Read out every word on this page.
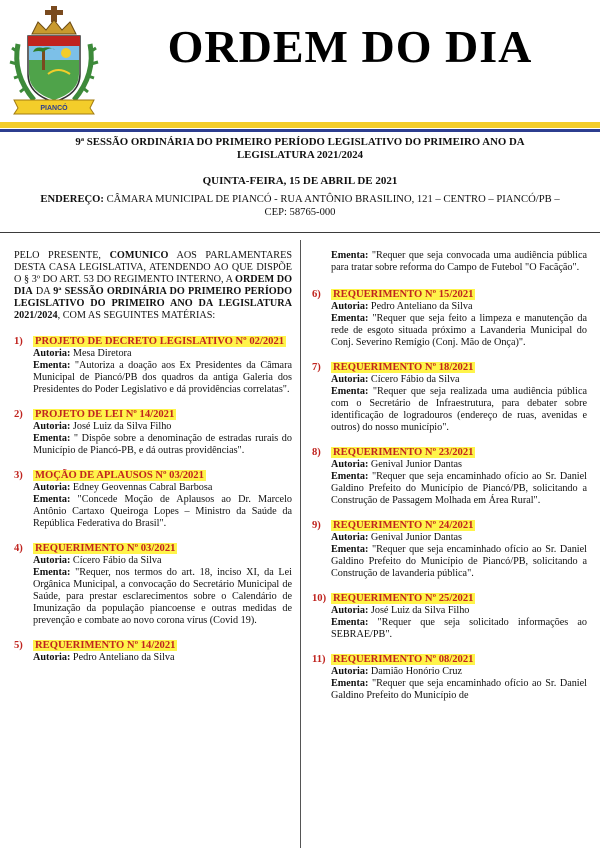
PIANCÓ
ORDEM DO DIA
9ª SESSÃO ORDINÁRIA DO PRIMEIRO PERÍODO LEGISLATIVO DO PRIMEIRO ANO DA LEGISLATURA 2021/2024
QUINTA-FEIRA, 15 DE ABRIL DE 2021
ENDEREÇO: CÂMARA MUNICIPAL DE PIANCÓ - RUA ANTÔNIO BRASILINO, 121 – CENTRO – PIANCÓ/PB – CEP: 58765-000

PELO PRESENTE, COMUNICO AOS PARLAMENTARES DESTA CASA LEGISLATIVA, ATENDENDO AO QUE DISPÕE O § 3º DO ART. 53 DO REGIMENTO INTERNO, A ORDEM DO DIA DA 9ª SESSÃO ORDINÁRIA DO PRIMEIRO PERÍODO LEGISLATIVO DO PRIMEIRO ANO DA LEGISLATURA 2021/2024, COM AS SEGUINTES MATÉRIAS:

1)	PROJETO DE DECRETO LEGISLATIVO Nº 02/2021
Autoria: Mesa Diretora
Ementa: "Autoriza a doação aos Ex Presidentes da Câmara Municipal de Piancó/PB dos quadros da antiga Galeria dos Presidentes do Poder Legislativo e dá providências correlatas".
2)	PROJETO DE LEI Nº 14/2021
Autoria: José Luiz da Silva Filho
Ementa: " Dispõe sobre a denominação de estradas rurais do Município de Piancó-PB, e dá outras providências".
3)	MOÇÃO DE APLAUSOS Nº 03/2021
Autoria: Edney Geovennas Cabral Barbosa
Ementa: "Concede Moção de Aplausos ao Dr. Marcelo Antônio Cartaxo Queiroga Lopes – Ministro da Saúde da República Federativa do Brasil".
4)	REQUERIMENTO Nº 03/2021
Autoria: Cícero Fábio da Silva
Ementa: "Requer, nos termos do art. 18, inciso XI, da Lei Orgânica Municipal, a convocação do Secretário Municipal de Saúde, para prestar esclarecimentos sobre o Calendário de Imunização da população piancoense e outras medidas de prevenção e combate ao novo corona vírus (Covid 19).
5)	REQUERIMENTO Nº 14/2021
Autoria: Pedro Anteliano da Silva
Ementa: "Requer que seja convocada uma audiência pública para tratar sobre reforma do Campo de Futebol "O Facãção".
6)	REQUERIMENTO Nº 15/2021
Autoria: Pedro Anteliano da Silva
Ementa: "Requer que seja feito a limpeza e manutenção da rede de esgoto situada próximo a Lavanderia Municipal do Conj. Severino Remígio (Conj. Mão de Onça)".
7)	REQUERIMENTO Nº 18/2021
Autoria: Cícero Fábio da Silva
Ementa: "Requer que seja realizada uma audiência pública com o Secretário de Infraestrutura, para debater sobre identificação de logradouros (endereço de ruas, avenidas e outros) do nosso município".
8)	REQUERIMENTO Nº 23/2021
Autoria: Genival Junior Dantas
Ementa: "Requer que seja encaminhado ofício ao Sr. Daniel Galdino Prefeito do Município de Piancó/PB, solicitando a Construção de Passagem Molhada em Área Rural".
9)	REQUERIMENTO Nº 24/2021
Autoria: Genival Junior Dantas
Ementa: "Requer que seja encaminhado ofício ao Sr. Daniel Galdino Prefeito do Município de Piancó/PB, solicitando a Construção de lavanderia pública".
10) REQUERIMENTO Nº 25/2021
Autoria: José Luiz da Silva Filho
Ementa: "Requer que seja solicitado informações ao SEBRAE/PB".
11) REQUERIMENTO Nº 08/2021
Autoria: Damião Honório Cruz
Ementa: "Requer que seja encaminhado ofício ao Sr. Daniel Galdino Prefeito do Município de
